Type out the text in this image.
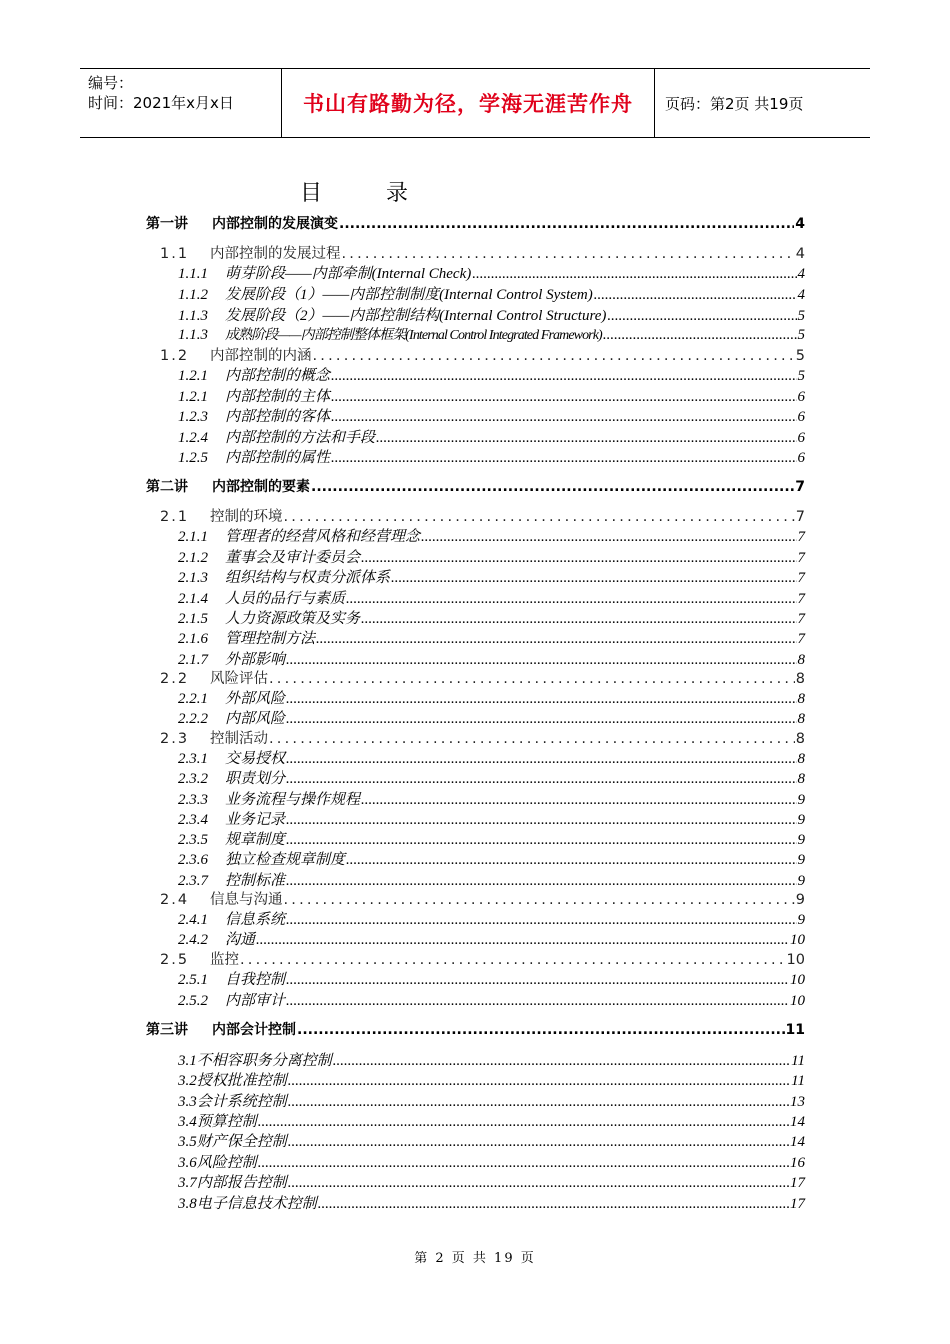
编号：
时间：2021年x月x日	书山有路勤为径，学海无涯苦作舟	页码：第2页 共19页
目	录
第一讲 内部控制的发展演变 .....	4
1.1 内部控制的发展过程 .....	4
1.1.1 萌芽阶段——内部牵制(Internal Check) .....	4
1.1.2 发展阶段（1）——内部控制制度(Internal Control System) .....	4
1.1.3 发展阶段（2）——内部控制结构(Internal Control Structure) .....	5
1.1.3 成熟阶段——内部控制整体框架(Internal Control Integrated Framework) .....	5
1.2 内部控制的内涵 .....	5
1.2.1 内部控制的概念 .....	5
1.2.1 内部控制的主体 .....	6
1.2.3 内部控制的客体 .....	6
1.2.4 内部控制的方法和手段 .....	6
1.2.5 内部控制的属性 .....	6
第二讲 内部控制的要素 .....	7
2.1 控制的环境 .....	7
2.1.1 管理者的经营风格和经营理念 .....	7
2.1.2 董事会及审计委员会 .....	7
2.1.3 组织结构与权责分派体系 .....	7
2.1.4 人员的品行与素质 .....	7
2.1.5 人力资源政策及实务 .....	7
2.1.6 管理控制方法 .....	7
2.1.7 外部影响 .....	8
2.2 风险评估 .....	8
2.2.1 外部风险 .....	8
2.2.2 内部风险 .....	8
2.3 控制活动 .....	8
2.3.1 交易授权 .....	8
2.3.2 职责划分 .....	8
2.3.3 业务流程与操作规程 .....	9
2.3.4 业务记录 .....	9
2.3.5 规章制度 .....	9
2.3.6 独立检查规章制度 .....	9
2.3.7 控制标准 .....	9
2.4 信息与沟通 .....	9
2.4.1 信息系统 .....	9
2.4.2 沟通 .....	10
2.5 监控 .....	10
2.5.1 自我控制 .....	10
2.5.2 内部审计 .....	10
第三讲 内部会计控制 .....	11
3.1不相容职务分离控制 .....	11
3.2授权批准控制 .....	11
3.3会计系统控制 .....	13
3.4预算控制 .....	14
3.5财产保全控制 .....	14
3.6风险控制 .....	16
3.7内部报告控制 .....	17
3.8电子信息技术控制 .....	17
第 2 页 共 19 页
